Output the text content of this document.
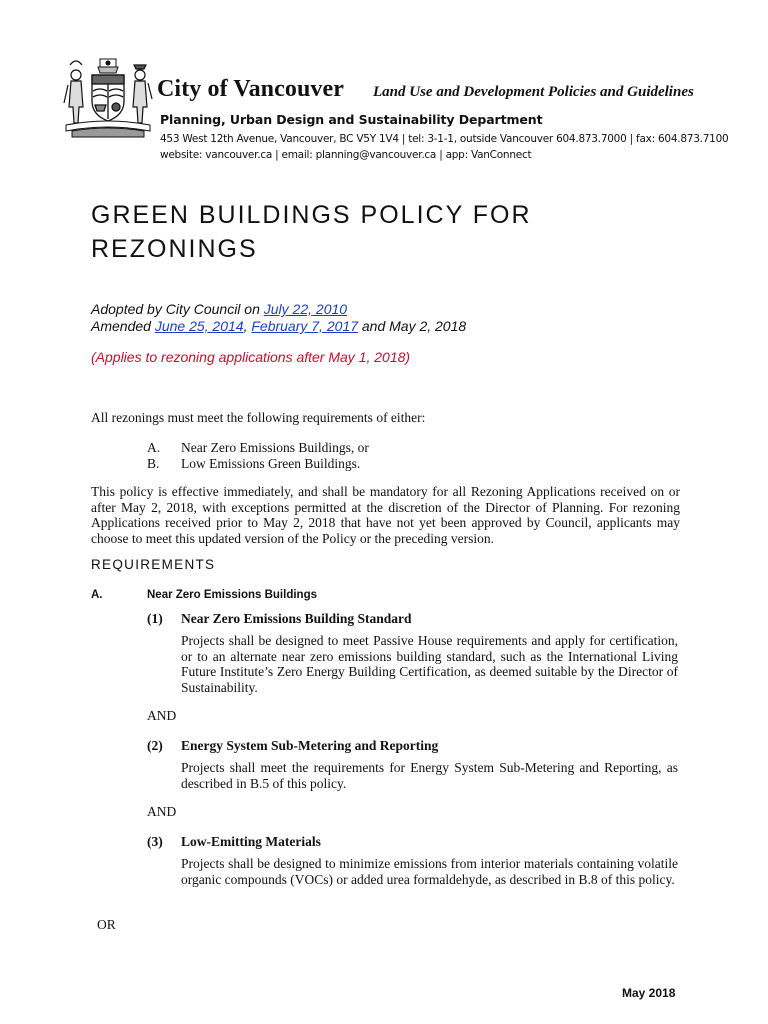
City of Vancouver Land Use and Development Policies and Guidelines
Planning, Urban Design and Sustainability Department
453 West 12th Avenue, Vancouver, BC V5Y 1V4 | tel: 3-1-1, outside Vancouver 604.873.7000 | fax: 604.873.7100
website: vancouver.ca | email: planning@vancouver.ca | app: VanConnect
GREEN BUILDINGS POLICY FOR REZONINGS
Adopted by City Council on July 22, 2010
Amended June 25, 2014, February 7, 2017 and May 2, 2018
(Applies to rezoning applications after May 1, 2018)
All rezonings must meet the following requirements of either:
A. Near Zero Emissions Buildings, or
B. Low Emissions Green Buildings.
This policy is effective immediately, and shall be mandatory for all Rezoning Applications received on or after May 2, 2018, with exceptions permitted at the discretion of the Director of Planning. For rezoning Applications received prior to May 2, 2018 that have not yet been approved by Council, applicants may choose to meet this updated version of the Policy or the preceding version.
REQUIREMENTS
A.	Near Zero Emissions Buildings
(1) Near Zero Emissions Building Standard
Projects shall be designed to meet Passive House requirements and apply for certification, or to an alternate near zero emissions building standard, such as the International Living Future Institute’s Zero Energy Building Certification, as deemed suitable by the Director of Sustainability.
AND
(2) Energy System Sub-Metering and Reporting
Projects shall meet the requirements for Energy System Sub-Metering and Reporting, as described in B.5 of this policy.
AND
(3) Low-Emitting Materials
Projects shall be designed to minimize emissions from interior materials containing volatile organic compounds (VOCs) or added urea formaldehyde, as described in B.8 of this policy.
OR
May 2018
